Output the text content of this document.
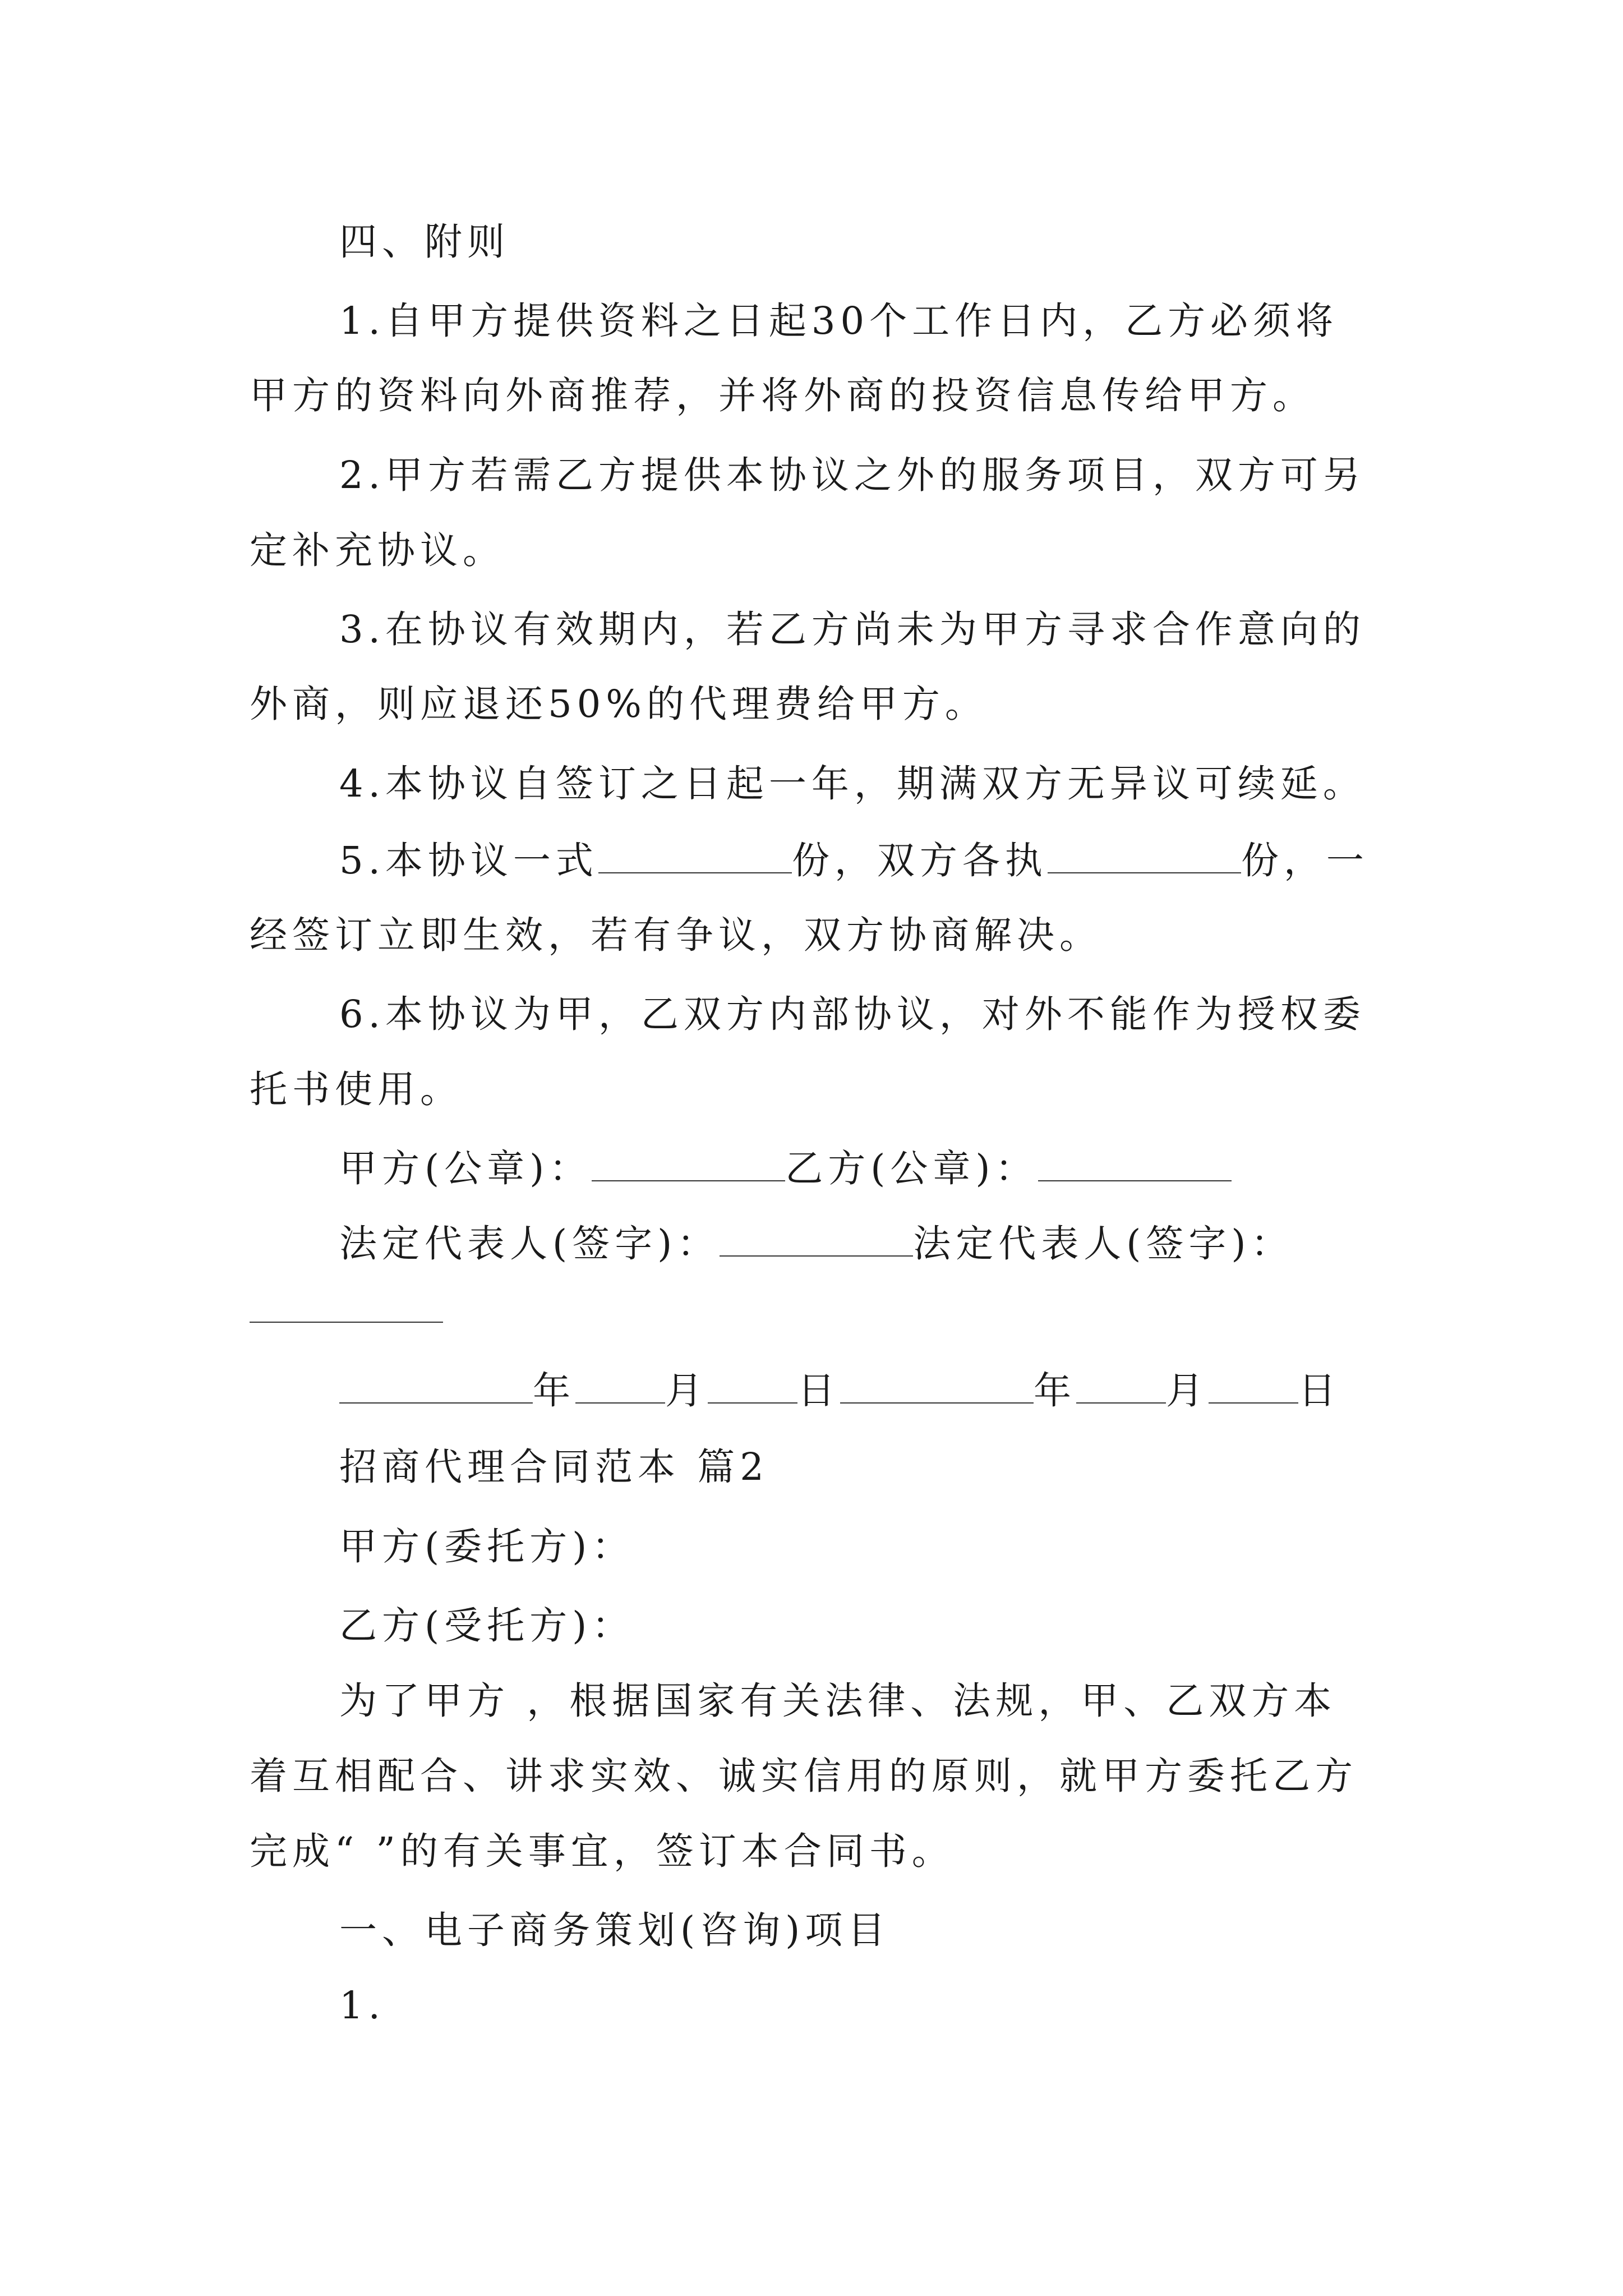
四、附则
1.自甲方提供资料之日起30个工作日内，乙方必须将
甲方的资料向外商推荐，并将外商的投资信息传给甲方。
2.甲方若需乙方提供本协议之外的服务项目，双方可另
定补充协议。
3.在协议有效期内，若乙方尚未为甲方寻求合作意向的
外商，则应退还50%的代理费给甲方。
4.本协议自签订之日起一年，期满双方无异议可续延。
5.本协议一式	份，双方各执	份，一
经签订立即生效，若有争议，双方协商解决。
6.本协议为甲，乙双方内部协议，对外不能作为授权委
托书使用。
甲方(公章)：	乙方(公章)：
法定代表人(签字)：	法定代表人(签字)：
年 月 日	年 月 日
招商代理合同范本 篇2
甲方(委托方)：
乙方(受托方)：
为了甲方 ，根据国家有关法律、法规，甲、乙双方本
着互相配合、讲求实效、诚实信用的原则，就甲方委托乙方
完成“ ”的有关事宜，签订本合同书。
一、电子商务策划(咨询)项目
1.
